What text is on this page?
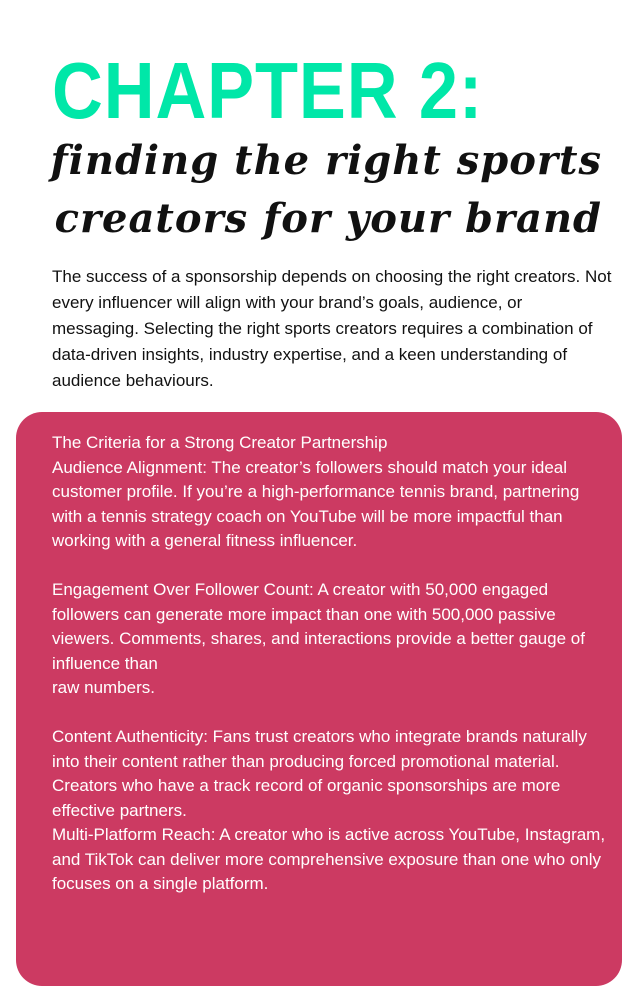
CHAPTER 2:
finding the right sports
creators for your brand

The success of a sponsorship depends on choosing the right creators. Not every influencer will align with your brand’s goals, audience, or messaging. Selecting the right sports creators requires a combination of data-driven insights, industry expertise, and a keen understanding of audience behaviours.

The Criteria for a Strong Creator Partnership

Audience Alignment: The creator’s followers should match your ideal customer profile. If you’re a high-performance tennis brand, partnering with a tennis strategy coach on YouTube will be more impactful than working with a general fitness influencer.

Engagement Over Follower Count: A creator with 50,000 engaged followers can generate more impact than one with 500,000 passive viewers. Comments, shares, and interactions provide a better gauge of influence than

raw numbers.

Content Authenticity: Fans trust creators who integrate brands naturally into their content rather than producing forced promotional material. Creators who have a track record of organic sponsorships are more effective partners.

Multi-Platform Reach: A creator who is active across YouTube, Instagram, and TikTok can deliver more comprehensive exposure than one who only focuses on a single platform.
